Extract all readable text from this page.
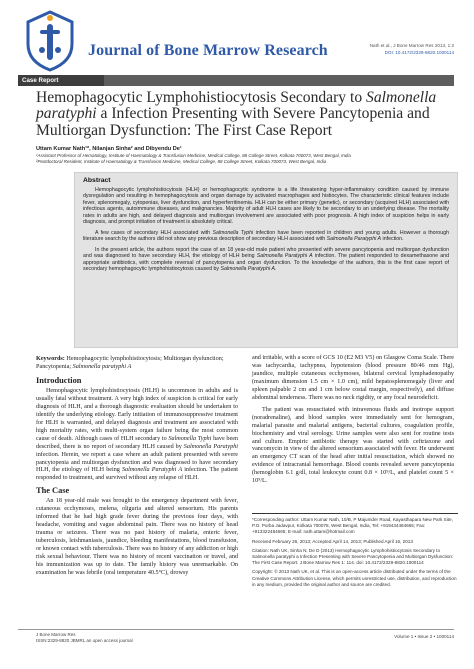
Journal of Bone Marrow Research	Nath et al., J Bone Marrow Res 2013, 1:2
DOI: 10.4172/2329-8820.1000114
Case Report
Hemophagocytic Lymphohistiocytosis Secondary to Salmonella paratyphi a Infection Presenting with Severe Pancytopenia and Multiorgan Dysfunction: The First Case Report
Uttam Kumar Nath¹*, Nilanjan Sinha² and Dibyendu De¹
¹Assistant Professor of Hematology, Institute of Haematology & Transfusion Medicine, Medical College, 88 College Street, Kolkata 700073, West Bengal, India
²Postdoctoral Resident, Institute of Haematology & Transfusion Medicine, Medical College, 88 College Street, Kolkata 700073, West Bengal, India
Abstract

Hemophagocytic lymphohistiocytosis (HLH) or hemophagocytic syndrome is a life threatening hyper-inflammatory condition caused by immune dysregulation and resulting in hemophagocytosis and organ damage by activated macrophages and histiocytes. The characteristic clinical features include fever, splenomegaly, cytopenias, liver dysfunction, and hyperferritinemia. HLH can be either primary (genetic), or secondary (acquired HLH) associated with infectious agents, autoimmune diseases, and malignancies. Majority of adult HLH cases are likely to be secondary to an underlying disease. The mortality rates in adults are high, and delayed diagnosis and multiorgan involvement are associated with poor prognosis. A high index of suspicion helps in early diagnosis, and prompt initiation of treatment is absolutely critical.

A few cases of secondary HLH associated with Salmonella Typhi infection have been reported in children and young adults. However a thorough literature search by the authors did not show any previous description of secondary HLH associated with Salmonella Paratyphi A infection.

In the present article, the authors report the case of an 18 year-old male patient who presented with severe pancytopenia and multiorgan dysfunction and was diagnosed to have secondary HLH, the etiology of HLH being Salmonella Paratyphi A infection. The patient responded to dexamethasone and appropriate antibiotics, with complete reversal of pancytopenia and organ dysfunction. To the knowledge of the authors, this is the first case report of secondary hemophagocytic lymphohistiocytosis caused by Salmonella Paratyphi A.

Keywords: Hemophagocytic lymphohistiocytosis; Multiorgan dysfunction; Pancytopenia; Salmonella paratyphi A
Introduction

Hemophagocytic lymphohistiocytosis (HLH) is uncommon in adults and is usually fatal without treatment. A very high index of suspicion is critical for early diagnosis of HLH, and a thorough diagnostic evaluation should be undertaken to identify the underlying etiology. Early initiation of immunosuppressive treatment for HLH is warranted, and delayed diagnosis and treatment are associated with high mortality rates, with multi-system organ failure being the most common cause of death. Although cases of HLH secondary to Salmonella Typhi have been described, there is no report of secondary HLH caused by Salmonella Paratyphi infection. Herein, we report a case where an adult patient presented with severe pancytopenia and multiorgan dysfunction and was diagnosed to have secondary HLH, the etiology of HLH being Salmonella Paratyphi A infection. The patient responded to treatment, and survived without any relapse of HLH.

The Case

An 18 year-old male was brought to the emergency department with fever, cutaneous ecchymoses, melena, oliguria and altered sensorium. His parents informed that he had high grade fever during the previous four days, with headache, vomiting and vague abdominal pain. There was no history of head trauma or seizures. There was no past history of malaria, enteric fever, tuberculosis, leishmaniasis, jaundice, bleeding manifestations, blood transfusion, or known contact with tuberculosis. There was no history of any addiction or high risk sexual behaviour. There was no history of recent vaccination or travel, and his immunization was up to date. The family history was unremarkable. On examination he was febrile (oral temperature 40.5°C), drowsy

and irritable, with a score of GCS 10 (E2 M3 V5) on Glasgow Coma Scale. There was tachycardia, tachypnea, hypotension (blood pressure 80/46 mm Hg), jaundice, multiple cutaneous ecchymoses, bilateral cervical lymphadenopathy (maximum dimension 1.5 cm × 1.0 cm), mild hepatosplenomegaly (liver and spleen palpable 2 cm and 1 cm below costal margin, respectively), and diffuse abdominal tenderness. There was no neck rigidity, or any focal neurodeficit.

The patient was resuscitated with intravenous fluids and inotrope support (noradrenaline), and blood samples were immediately sent for hemogram, malarial parasite and malarial antigens, bacterial cultures, coagulation profile, biochemistry and viral serology. Urine samples were also sent for routine tests and culture. Empiric antibiotic therapy was started with ceftriaxone and vancomycin in view of the altered sensorium associated with fever. He underwent an emergency CT scan of the head after initial resuscitation, which showed no evidence of intracranial hemorrhage. Blood counts revealed severe pancytopenia (hemoglobin 6.1 g/dl, total leukocyte count 0.8 × 10⁹/L, and platelet count 5 × 10⁹/L.

*Corresponding author: Uttam Kumar Nath, 10/B, P Majumder Road, Kayasthapara New Park Site, P.O. Purba Jadavpur, Kolkata 700078, West Bengal, India, Tel: +919434484665; Fax: +913322484665; E-mail: nath.uttam@hotmail.com
Received February 26, 2013; Accepted April 14, 2013; Published April 16, 2013
Citation: Nath UK, Sinha N, De D (2013) Hemophagocytic Lymphohistiocytosis Secondary to Salmonella paratyphi a Infection Presenting with Severe Pancytopenia and Multiorgan Dysfunction: The First Case Report. J Bone Marrow Res 1: 114. doi: 10.4172/2329-8820.1000114
Copyright: © 2013 Nath UK, et al. This is an open-access article distributed under the terms of the Creative Commons Attribution License, which permits unrestricted use, distribution, and reproduction in any medium, provided the original author and source are credited.
J Bone Marrow Res
ISSN:2329-8820 JBMRL an open access journal
Volume 1 • Issue 2 • 1000114
